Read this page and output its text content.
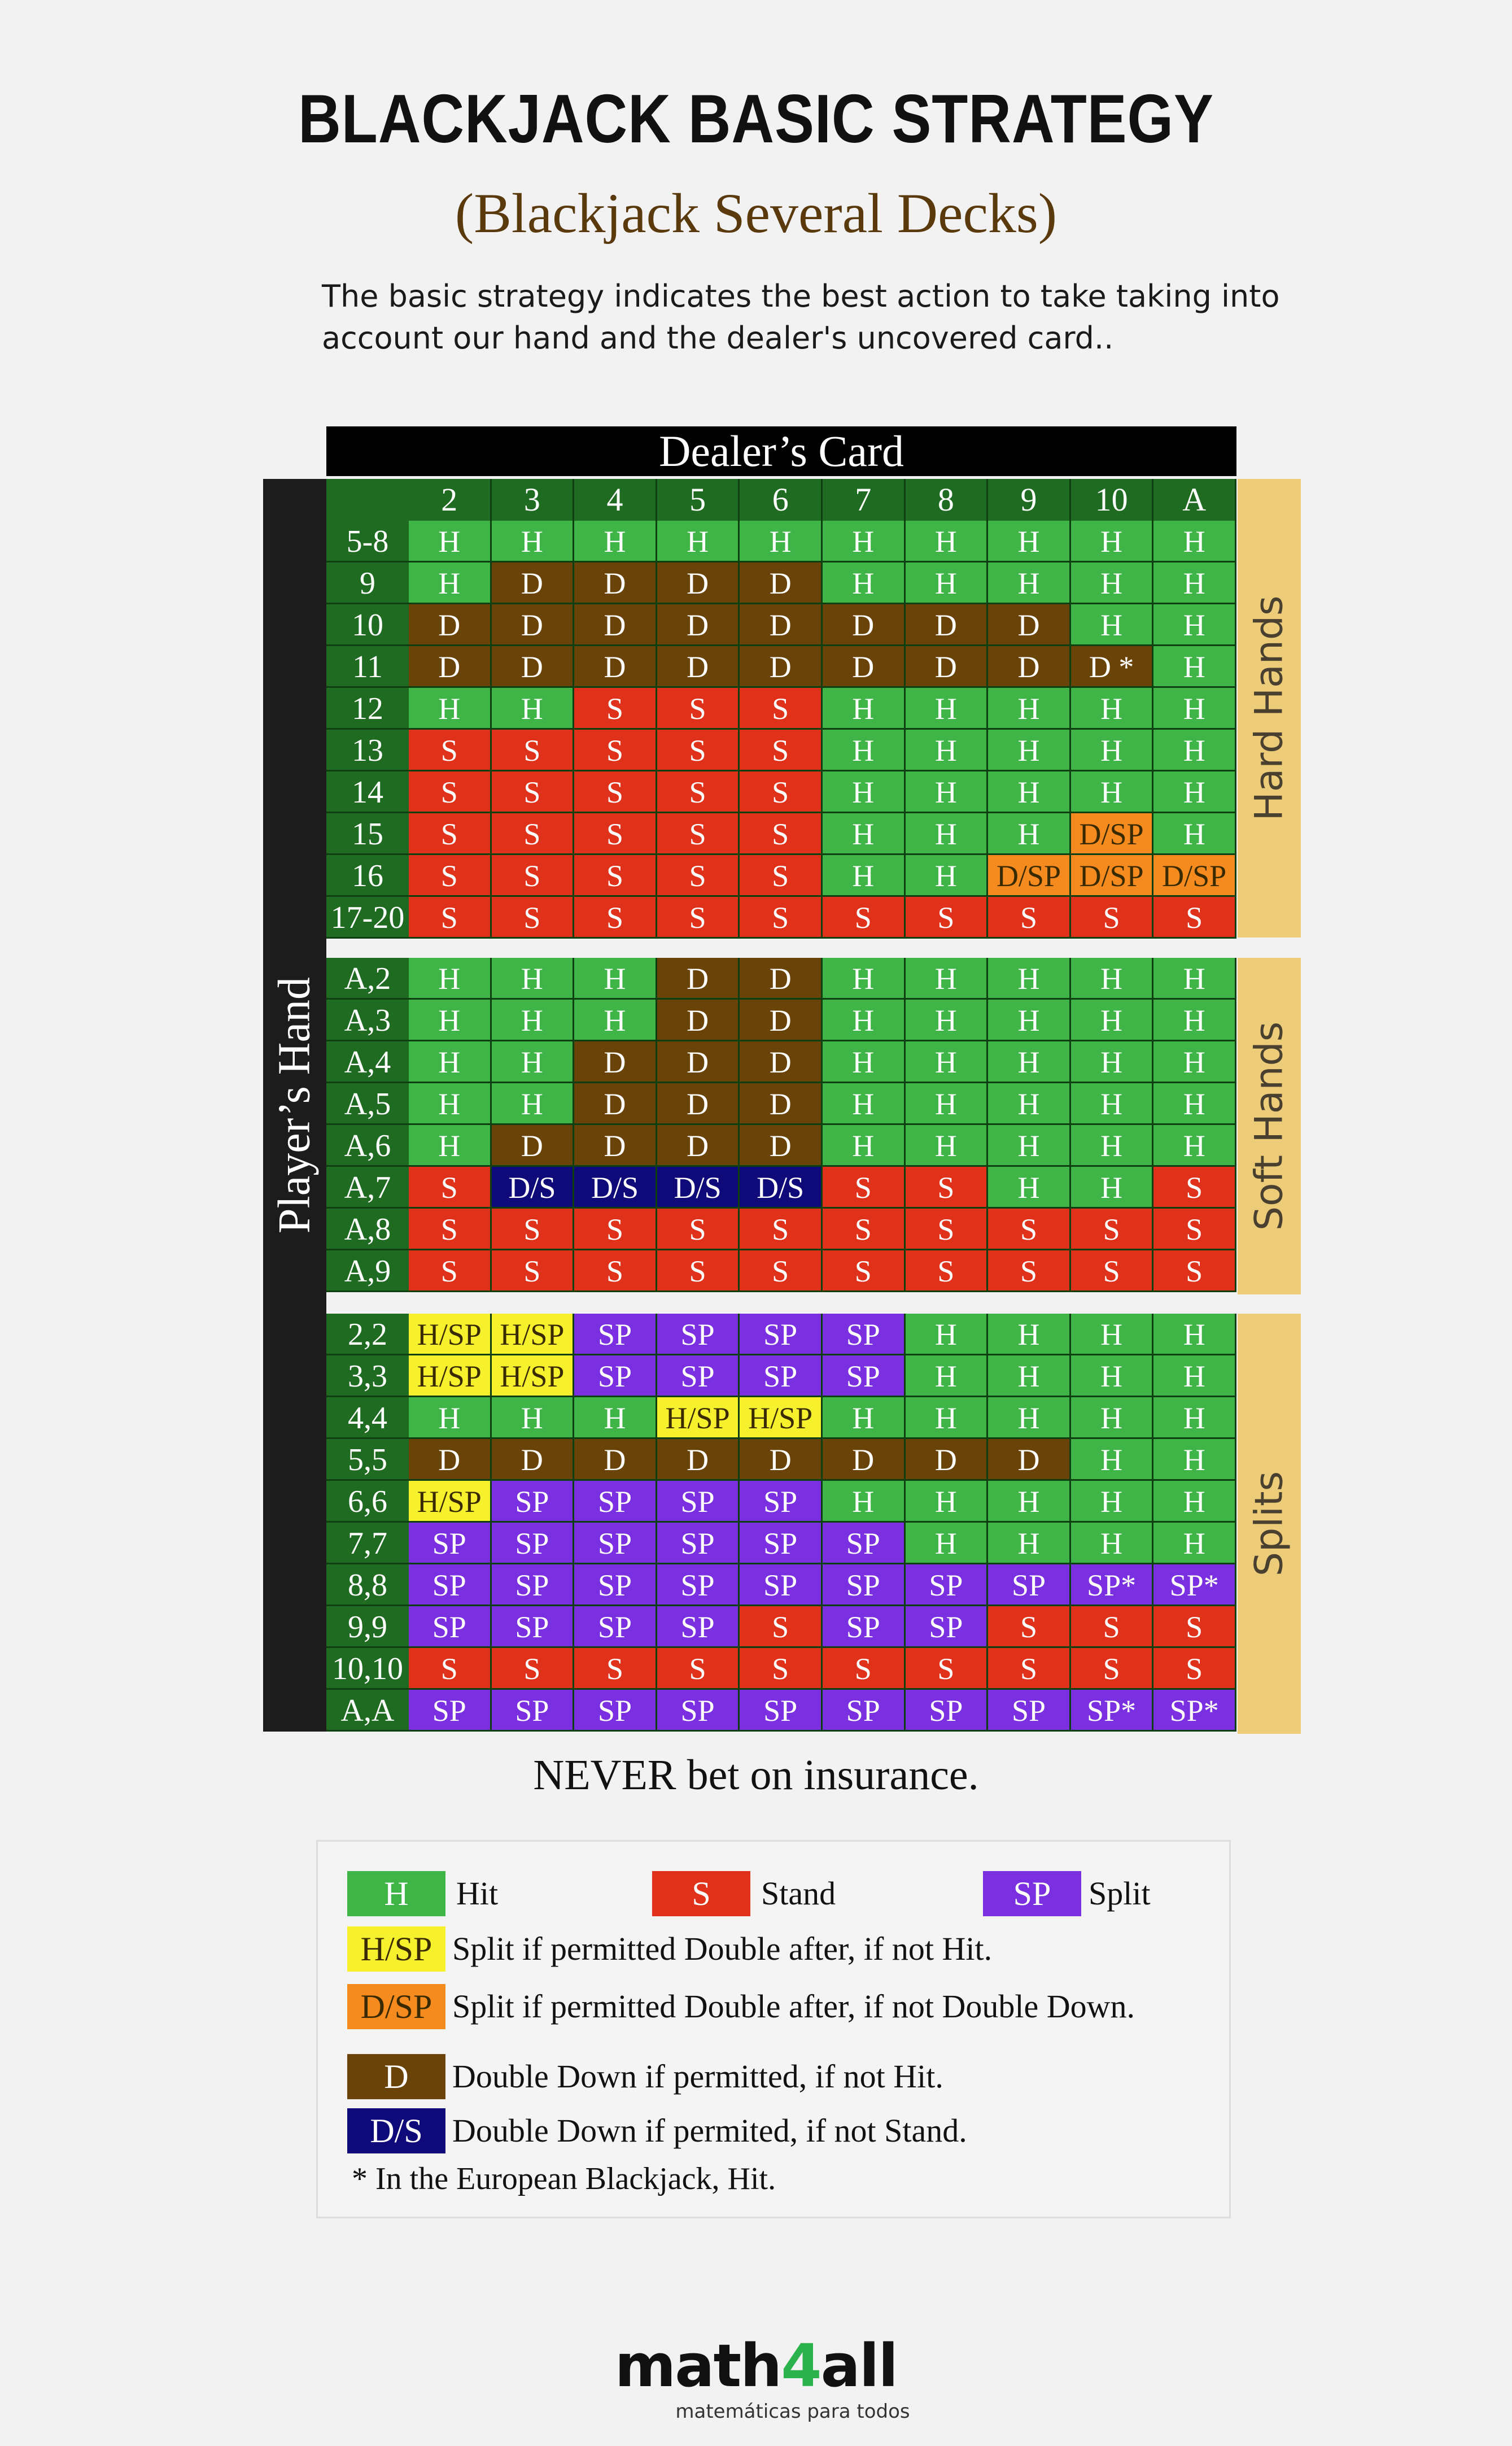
BLACKJACK BASIC STRATEGY
(Blackjack Several Decks)
The basic strategy indicates the best action to take taking into account our hand and the dealer's uncovered card..
Dealer’s Card
Player’s Hand
Hard Hands
Soft Hands
Splits
2	3	4	5	6	7	8	9	10	A
5-8	H	H	H	H	H	H	H	H	H	H
9	H	D	D	D	D	H	H	H	H	H
10	D	D	D	D	D	D	D	D	H	H
11	D	D	D	D	D	D	D	D	D *	H
12	H	H	S	S	S	H	H	H	H	H
13	S	S	S	S	S	H	H	H	H	H
14	S	S	S	S	S	H	H	H	H	H
15	S	S	S	S	S	H	H	H	D/SP	H
16	S	S	S	S	S	H	H	D/SP D/SP D/SP
17-20	S	S	S	S	S	S	S	S	S	S
A,2	H	H	H	D	D	H	H	H	H	H
A,3	H	H	H	D	D	H	H	H	H	H
A,4	H	H	D	D	D	H	H	H	H	H
A,5	H	H	D	D	D	H	H	H	H	H
A,6	H	D	D	D	D	H	H	H	H	H
A,7	S	D/S	D/S	D/S	D/S	S	S	H	H	S
A,8	S	S	S	S	S	S	S	S	S	S
A,9	S	S	S	S	S	S	S	S	S	S
2,2 H/SP H/SP	SP	SP	SP	SP	H	H	H	H
3,3 H/SP H/SP	SP	SP	SP	SP	H	H	H	H
4,4	H	H	H	H/SP H/SP	H	H	H	H	H
5,5	D	D	D	D	D	D	D	D	H	H
6,6 H/SP	SP	SP	SP	SP	H	H	H	H	H
7,7	SP	SP	SP	SP	SP	SP	H	H	H	H
8,8	SP	SP	SP	SP	SP	SP	SP	SP	SP*	SP*
9,9	SP	SP	SP	SP	S	SP	SP	S	S	S
10,10	S	S	S	S	S	S	S	S	S	S
A,A	SP	SP	SP	SP	SP	SP	SP	SP	SP*	SP*
NEVER bet on insurance.
H	Hit	S	Stand	SP	Split
H/SP Split if permitted Double after, if not Hit.
D/SP Split if permitted Double after, if not Double Down.
D	Double Down if permitted, if not Hit.
D/S Double Down if permited, if not Stand.
* In the European Blackjack, Hit.
math4all
matemáticas para todos
